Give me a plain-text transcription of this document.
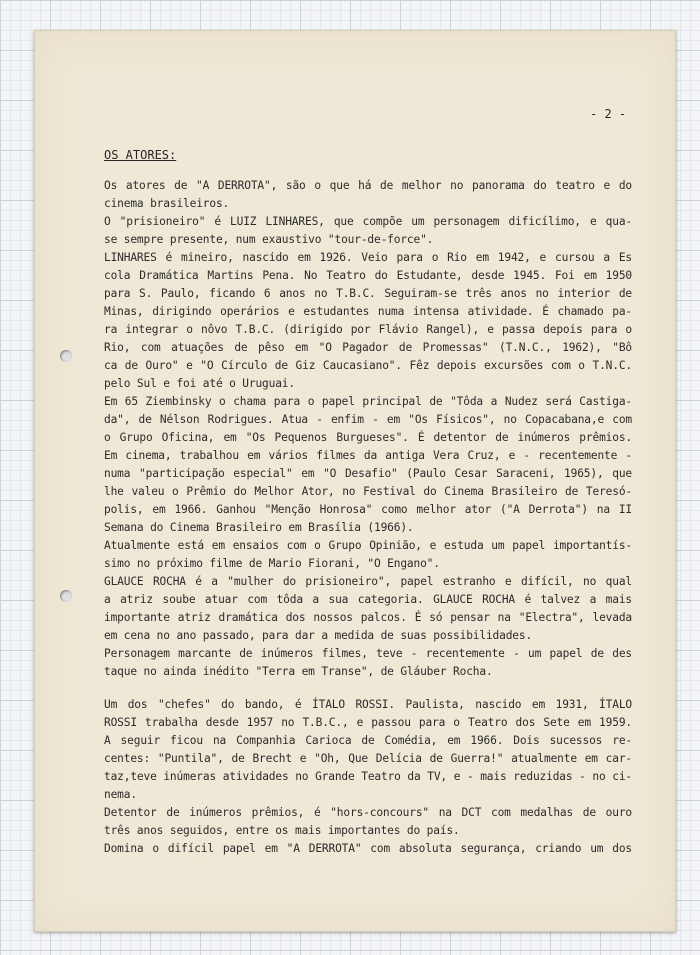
- 2 -
OS ATORES:
Os atores de "A DERROTA", são o que há de melhor no panorama do teatro e do
cinema brasileiros.
O "prisioneiro" é LUIZ LINHARES, que compõe um personagem dificílimo, e qua-
se sempre presente, num exaustivo "tour-de-force".
LINHARES é mineiro, nascido em 1926. Veio para o Rio em 1942, e cursou a Es
cola Dramática Martins Pena. No Teatro do Estudante, desde 1945. Foi em 1950
para S. Paulo, ficando 6 anos no T.B.C. Seguiram-se três anos no interior de
Minas, dirigindo operários e estudantes numa intensa atividade. É chamado pa-
ra integrar o nôvo T.B.C. (dirigido por Flávio Rangel), e passa depois para o
Rio, com atuações de pêso em "O Pagador de Promessas" (T.N.C., 1962), "Bô
ca de Ouro" e "O Círculo de Giz Caucasiano". Fêz depois excursões com o T.N.C.
pelo Sul e foi até o Uruguai.
Em 65 Ziembinsky o chama para o papel principal de "Tôda a Nudez será Castiga-
da", de Nélson Rodrigues. Atua - enfim - em "Os Físicos", no Copacabana,e com
o Grupo Oficina, em "Os Pequenos Burgueses". É detentor de inúmeros prêmios.
Em cinema, trabalhou em vários filmes da antiga Vera Cruz, e - recentemente -
numa "participação especial" em "O Desafio" (Paulo Cesar Saraceni, 1965), que
lhe valeu o Prêmio do Melhor Ator, no Festival do Cinema Brasileiro de Teresó-
polis, em 1966. Ganhou "Menção Honrosa" como melhor ator ("A Derrota") na II
Semana do Cinema Brasileiro em Brasília (1966).
Atualmente está em ensaios com o Grupo Opinião, e estuda um papel importantís-
simo no próximo filme de Mario Fiorani, "O Engano".
GLAUCE ROCHA é a "mulher do prisioneiro", papel estranho e difícil, no qual
a atriz soube atuar com tôda a sua categoria. GLAUCE ROCHA é talvez a mais
importante atriz dramática dos nossos palcos. É só pensar na "Electra", levada
em cena no ano passado, para dar a medida de suas possibilidades.
Personagem marcante de inúmeros filmes, teve - recentemente - um papel de des
taque no ainda inédito "Terra em Transe", de Gláuber Rocha.
Um dos "chefes" do bando, é ÍTALO ROSSI. Paulista, nascido em 1931, ÍTALO
ROSSI trabalha desde 1957 no T.B.C., e passou para o Teatro dos Sete em 1959.
A seguir ficou na Companhia Carioca de Comédia, em 1966. Dois sucessos re-
centes: "Puntila", de Brecht e "Oh, Que Delícia de Guerra!" atualmente em car-
taz,teve inúmeras atividades no Grande Teatro da TV, e - mais reduzidas - no ci-
nema.
Detentor de inúmeros prêmios, é "hors-concours" na DCT com medalhas de ouro
três anos seguidos, entre os mais importantes do país.
Domina o difícil papel em "A DERROTA" com absoluta segurança, criando um dos
